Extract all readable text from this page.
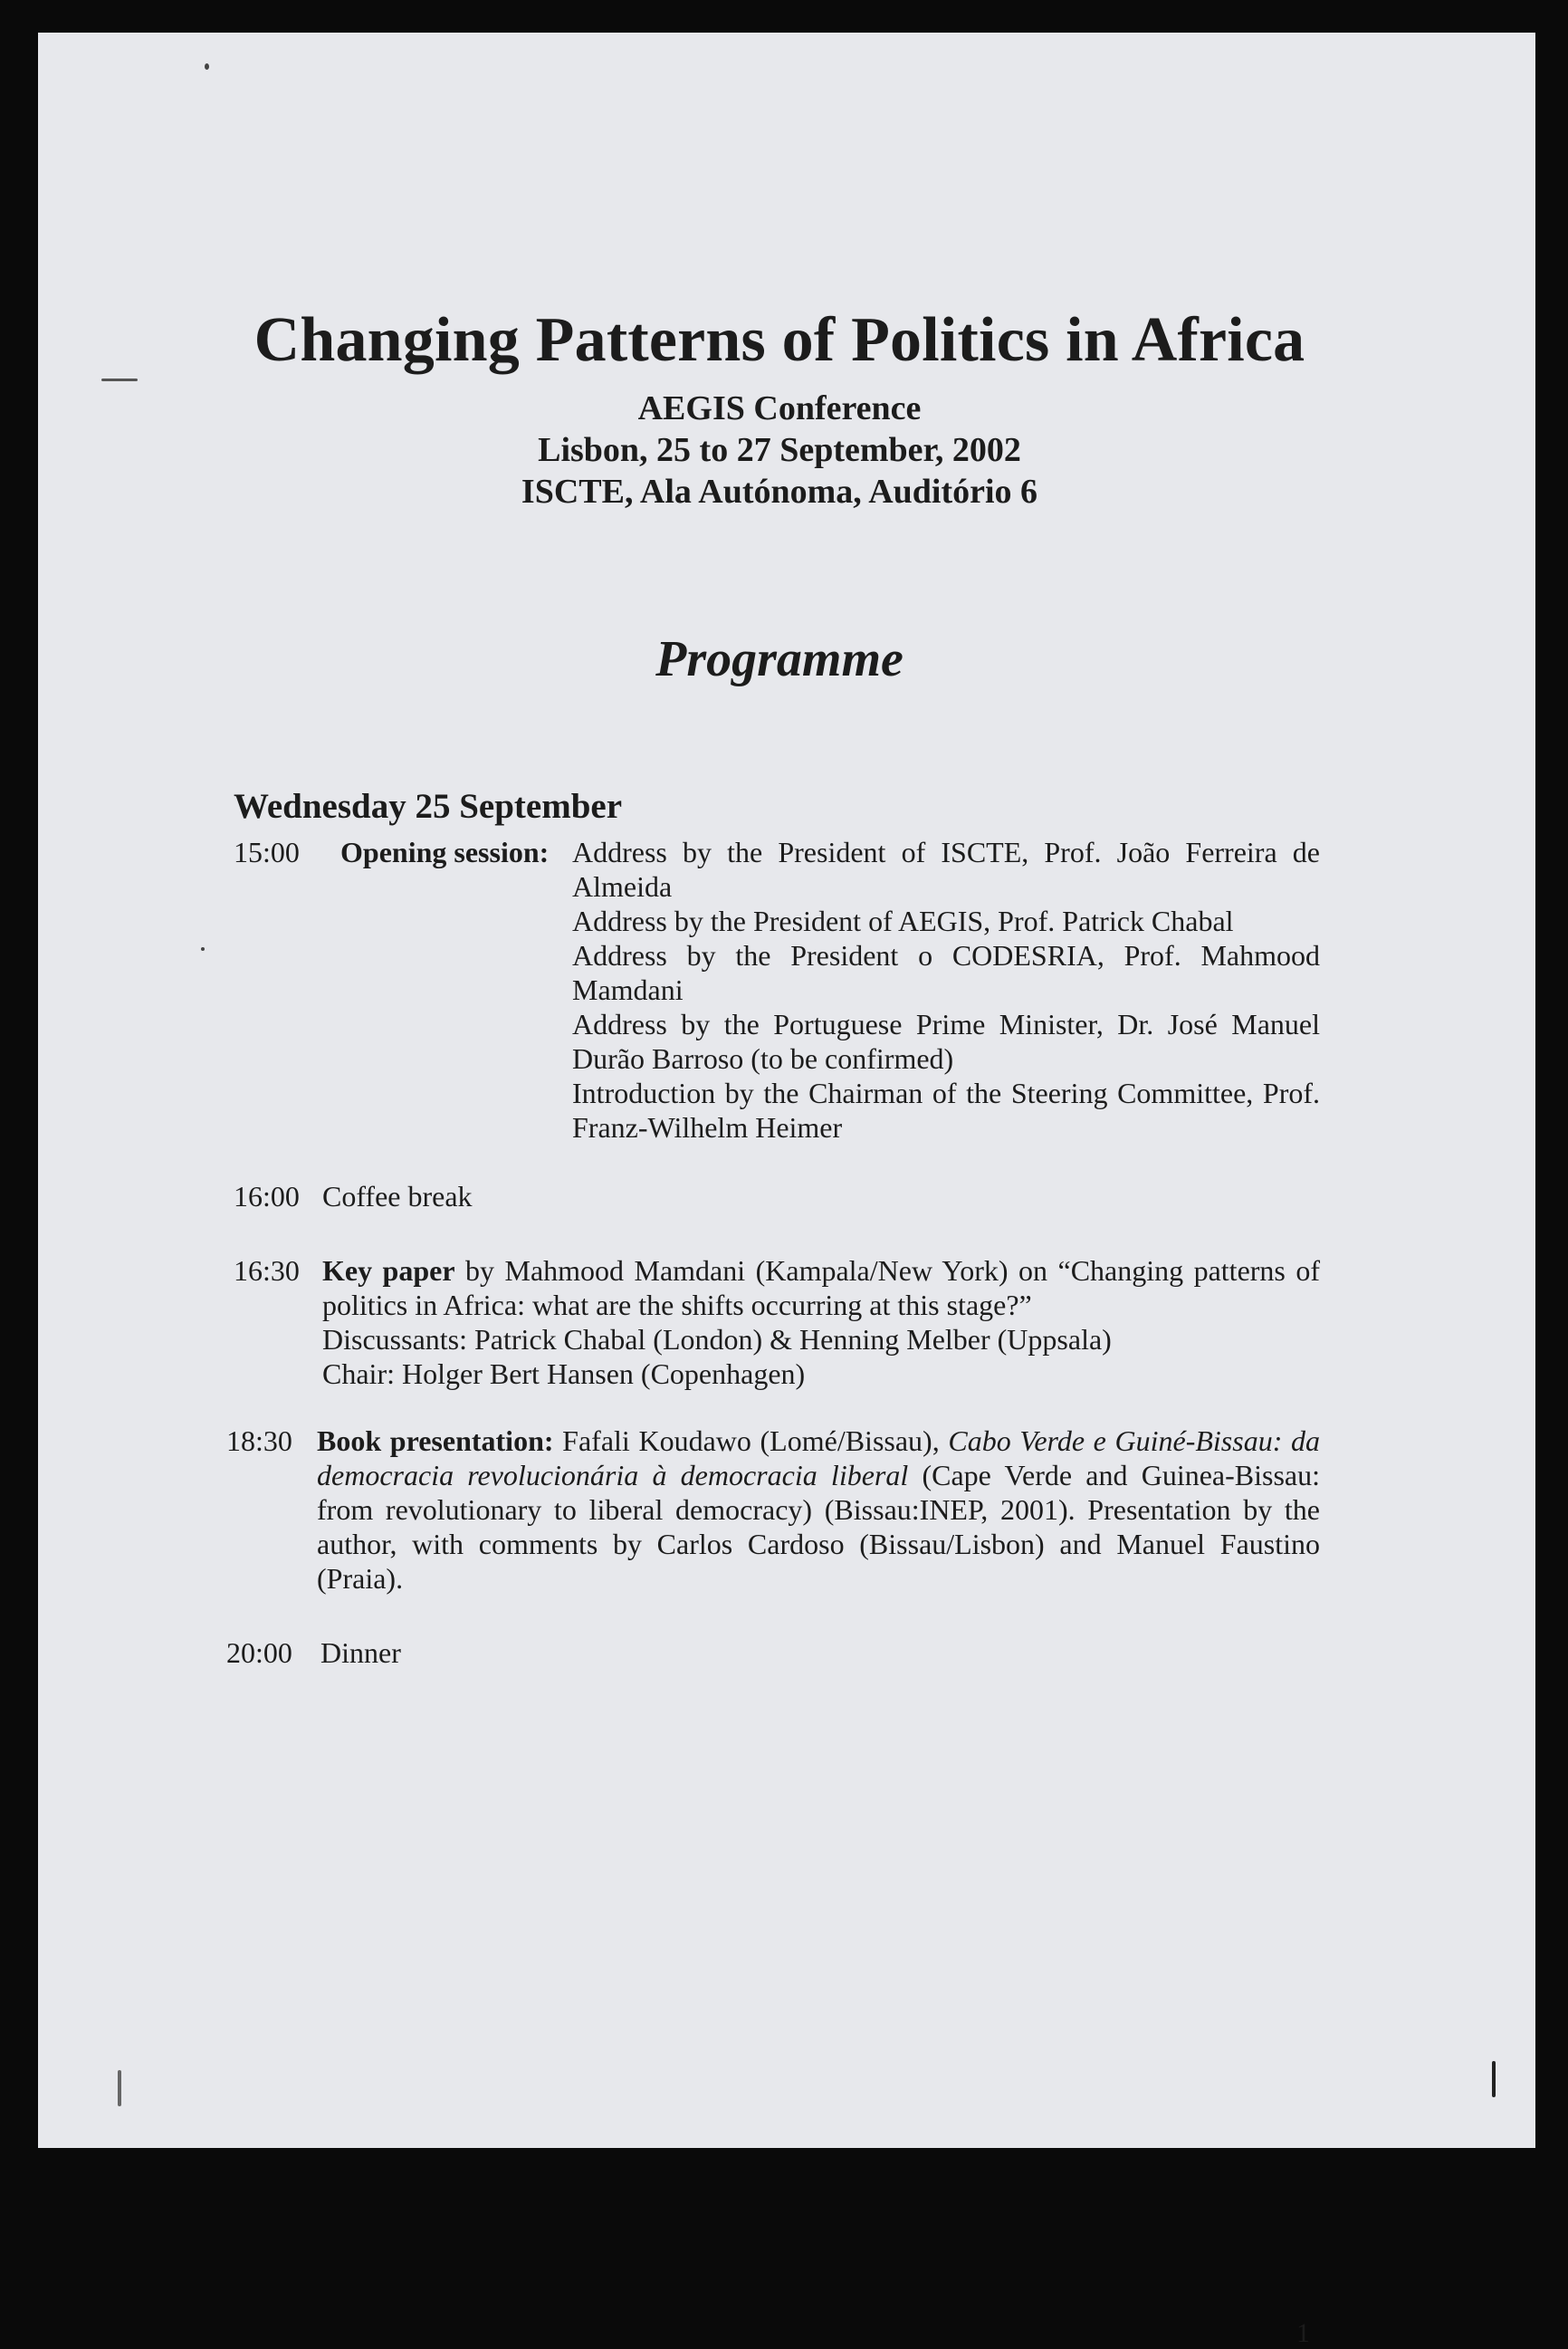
Changing Patterns of Politics in Africa
AEGIS Conference
Lisbon, 25 to 27 September, 2002
ISCTE, Ala Autónoma, Auditório 6
Programme
Wednesday 25 September
15:00 Opening session: Address by the President of ISCTE, Prof. João Ferreira de Almeida
Address by the President of AEGIS, Prof. Patrick Chabal
Address by the President o CODESRIA, Prof. Mahmood Mamdani
Address by the Portuguese Prime Minister, Dr. José Manuel Durão Barroso (to be confirmed)
Introduction by the Chairman of the Steering Committee, Prof. Franz-Wilhelm Heimer
16:00 Coffee break
16:30 Key paper by Mahmood Mamdani (Kampala/New York) on “Changing patterns of politics in Africa: what are the shifts occurring at this stage?”
Discussants: Patrick Chabal (London) & Henning Melber (Uppsala)
Chair: Holger Bert Hansen (Copenhagen)
18:30 Book presentation: Fafali Koudawo (Lomé/Bissau), Cabo Verde e Guiné-Bissau: da democracia revolucionária à democracia liberal (Cape Verde and Guinea-Bissau: from revolutionary to liberal democracy) (Bissau:INEP, 2001). Presentation by the author, with comments by Carlos Cardoso (Bissau/Lisbon) and Manuel Faustino (Praia).
20:00 Dinner
1
